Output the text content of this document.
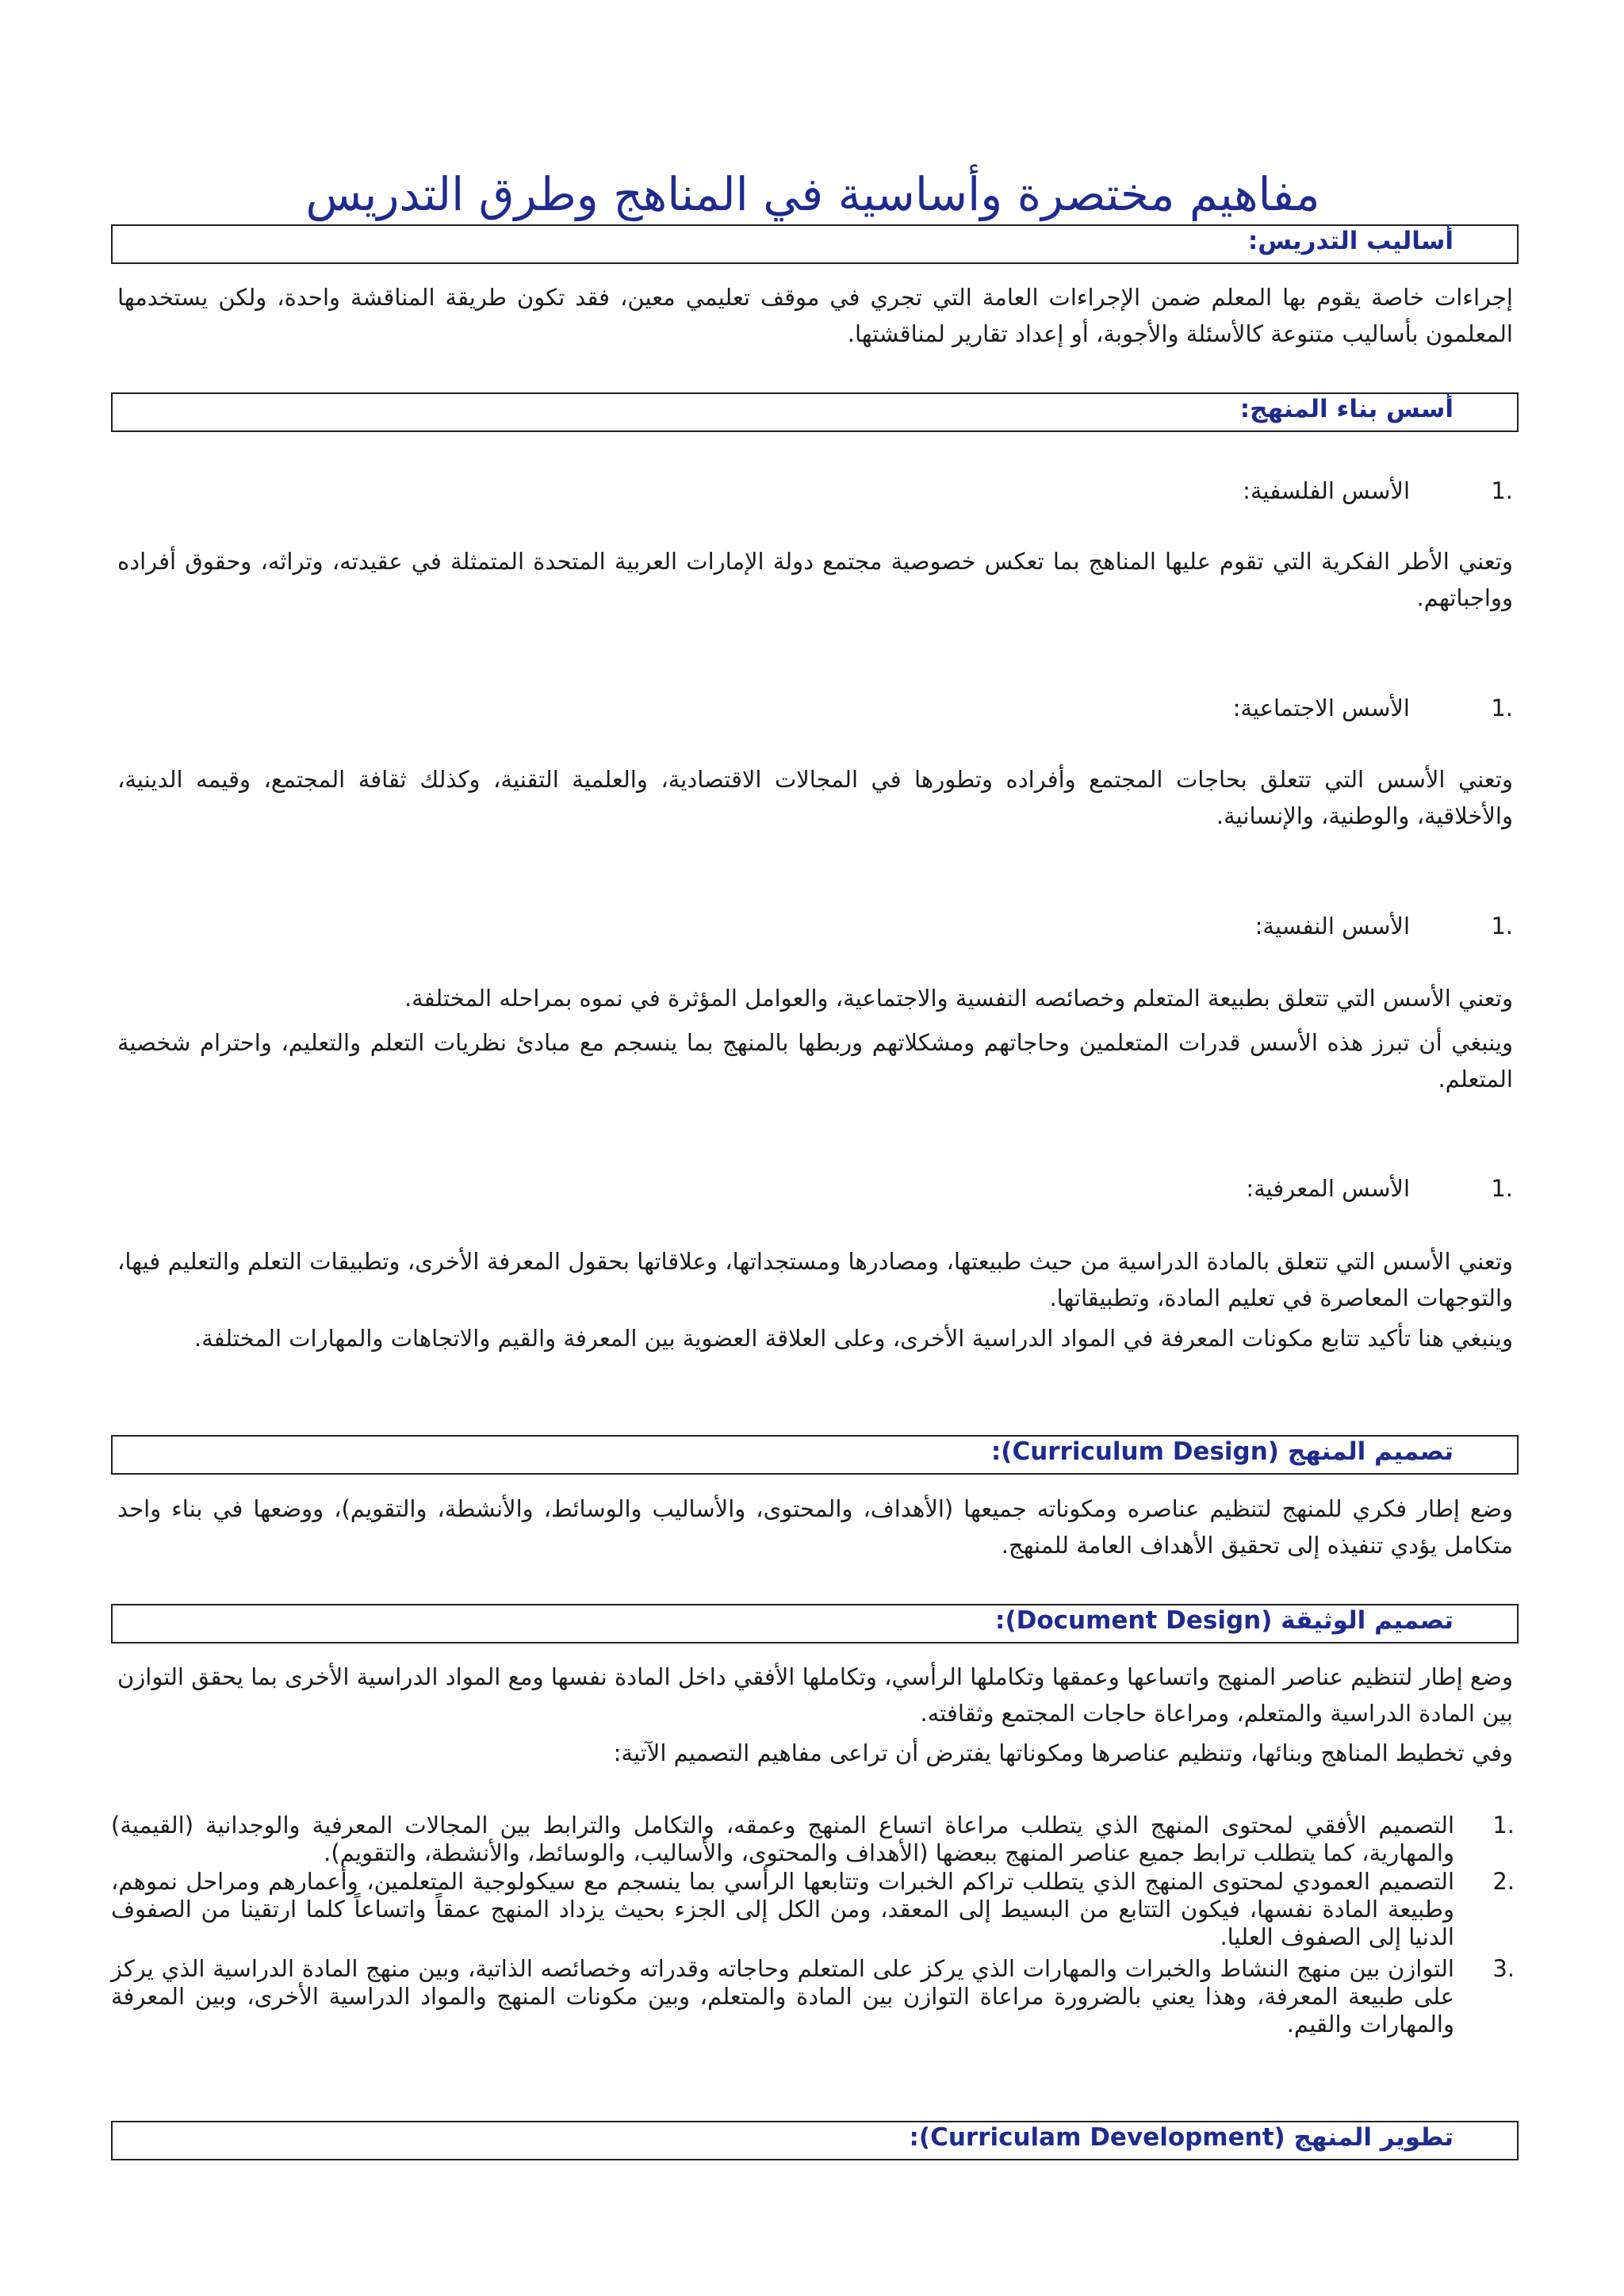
مفاهيم مختصرة وأساسية في المناهج وطرق التدريس
أساليب التدريس:
إجراءات خاصة يقوم بها المعلم ضمن الإجراءات العامة التي تجري في موقف تعليمي معين، فقد تكون طريقة المناقشة واحدة، ولكن يستخدمها المعلمون بأساليب متنوعة كالأسئلة والأجوبة، أو إعداد تقارير لمناقشتها.
أسس بناء المنهج:
.1الأسس الفلسفية:
وتعني الأطر الفكرية التي تقوم عليها المناهج بما تعكس خصوصية مجتمع دولة الإمارات العربية المتحدة المتمثلة في عقيدته، وتراثه، وحقوق أفراده وواجباتهم.
.1الأسس الاجتماعية:
وتعني الأسس التي تتعلق بحاجات المجتمع وأفراده وتطورها في المجالات الاقتصادية، والعلمية التقنية، وكذلك ثقافة المجتمع، وقيمه الدينية، والأخلاقية، والوطنية، والإنسانية.
.1الأسس النفسية:
وتعني الأسس التي تتعلق بطبيعة المتعلم وخصائصه النفسية والاجتماعية، والعوامل المؤثرة في نموه بمراحله المختلفة.
وينبغي أن تبرز هذه الأسس قدرات المتعلمين وحاجاتهم ومشكلاتهم وربطها بالمنهج بما ينسجم مع مبادئ نظريات التعلم والتعليم، واحترام شخصية المتعلم.
.1الأسس المعرفية:
وتعني الأسس التي تتعلق بالمادة الدراسية من حيث طبيعتها، ومصادرها ومستجداتها، وعلاقاتها بحقول المعرفة الأخرى، وتطبيقات التعلم والتعليم فيها، والتوجهات المعاصرة في تعليم المادة، وتطبيقاتها.
وينبغي هنا تأكيد تتابع مكونات المعرفة في المواد الدراسية الأخرى، وعلى العلاقة العضوية بين المعرفة والقيم والاتجاهات والمهارات المختلفة.
تصميم المنهج (Curriculum Design):
وضع إطار فكري للمنهج لتنظيم عناصره ومكوناته جميعها (الأهداف، والمحتوى، والأساليب والوسائط، والأنشطة، والتقويم)، ووضعها في بناء واحد متكامل يؤدي تنفيذه إلى تحقيق الأهداف العامة للمنهج.
تصميم الوثيقة (Document Design):
وضع إطار لتنظيم عناصر المنهج واتساعها وعمقها وتكاملها الرأسي، وتكاملها الأفقي داخل المادة نفسها ومع المواد الدراسية الأخرى بما يحقق التوازن بين المادة الدراسية والمتعلم، ومراعاة حاجات المجتمع وثقافته.
وفي تخطيط المناهج وبنائها، وتنظيم عناصرها ومكوناتها يفترض أن تراعى مفاهيم التصميم الآتية:
.1
التصميم الأفقي لمحتوى المنهج الذي يتطلب مراعاة اتساع المنهج وعمقه، والتكامل والترابط بين المجالات المعرفية والوجدانية (القيمية) والمهارية، كما يتطلب ترابط جميع عناصر المنهج ببعضها (الأهداف والمحتوى، والأساليب، والوسائط، والأنشطة، والتقويم).
.2
التصميم العمودي لمحتوى المنهج الذي يتطلب تراكم الخبرات وتتابعها الرأسي بما ينسجم مع سيكولوجية المتعلمين، وأعمارهم ومراحل نموهم، وطبيعة المادة نفسها، فيكون التتابع من البسيط إلى المعقد، ومن الكل إلى الجزء بحيث يزداد المنهج عمقاً واتساعاً كلما ارتقينا من الصفوف الدنيا إلى الصفوف العليا.
.3
التوازن بين منهج النشاط والخبرات والمهارات الذي يركز على المتعلم وحاجاته وقدراته وخصائصه الذاتية، وبين منهج المادة الدراسية الذي يركز على طبيعة المعرفة، وهذا يعني بالضرورة مراعاة التوازن بين المادة والمتعلم، وبين مكونات المنهج والمواد الدراسية الأخرى، وبين المعرفة والمهارات والقيم.
تطوير المنهج (Curriculam Development):
